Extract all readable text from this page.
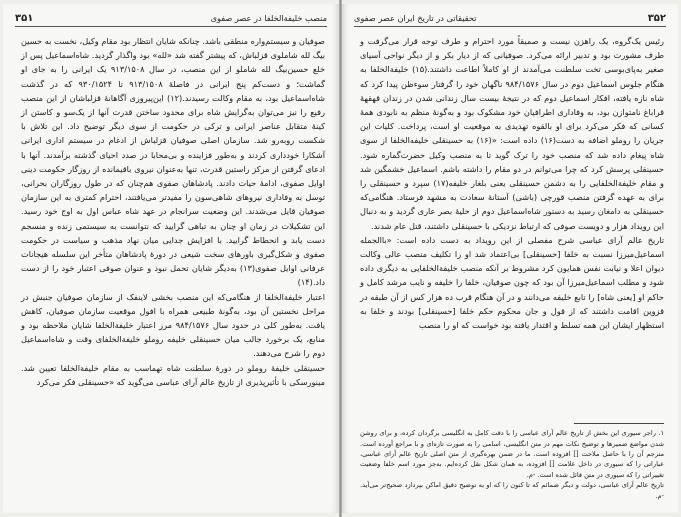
منصب خلیفةالخلفا در عصر صفوی
۳۵۱

صوفیان و سیستم‌واره منطقی باشد. چنانکه شایان انتظار بود مقام وکیل، نخست به حسین بیگ لله شاملوی قزلباش، که پیشتر گفته شد «لله» بود واگذار گردید. شاه‌اسماعیل پس از خلع حسین‌بیگ لله شاملو از این منصب، در سال ۹۱۳/۱۵۰۸ یک ایرانی را به جای او گماشت؛ و دست‌کم پنج ایرانی در فاصلهٔ ۹۱۳/۱۵۰۸ تا ۹۳۰/۱۵۲۴ که در گذشت شاه‌اسماعیل بود، به مقام وکالت رسیدند.(۱۲) این‌پیروزی آگاهانهٔ قزلباشان از این منصب رفیع را نیز می‌توان به‌گرایش شاه برای محدود ساختن قدرت آنها از یک‌سو و کاستن از کینهٔ متقابل عناصر ایرانی و ترکی در حکومت از سوی دیگر توضیح داد. این تلاش با شکست روبه‌رو شد. سازمان اصلی صوفیان قزلباش از ادغام در سیستم اداری ایرانی آشکارا خودداری کردند و به‌طور فزاینده و بی‌محابا در صدد احیای گذشته برآمدند. آنها با ادعای گرفتن از مرکز راستین قدرت، تنها به‌عنوان نیروی باقیمانده از روزگار حکومت دینی اوایل صفوی، ادامهٔ حیات دادند. پادشاهان صفوی هم‌چنان که در طول روزگاران بحرانی، توسل به وفاداری نیروهای شاهی‌سون را مفیدتر می‌یافتند، احترام کمتری به این سازمان صوفیان قایل می‌شدند. این وضعیت سرانجام در عهد شاه عباس اول به اوج خود رسید. این تشکیلات در زمان او چنان به تباهی گرایید که نتوانست به سیستمی زنده و منسجم دست یابد و انحطاط گرایید. با افزایش جدایی میان نهاد مذهب و سیاست در حکومت صفوی و شکل‌گیری باورهای سخت شیعی در دورهٔ پادشاهان متأخر این سلسله هیجانات عرفانی اوایل صفوی(۱۳) به‌دیگر شایان تحمل نبود و عنوان صوفی اعتبار خود را از دست داد.(۱۴)

اعتبار خلیفةالخلفا از هنگامی‌که این منصب بخشی لاینفک از سازمان صوفیان جنبش در مراحل نخستین آن بود، به‌گونهٔ طبیعی همراه با افول موقعیت سازمان صوفیان، کاهش یافت. به‌طور کلی در حدود سال ۹۸۴/۱۵۷۶ مرز اعتبار خلیفةالخلفا شایان ملاحظه بود و منابع، یک برخورد جالب میان حسینقلی خلیفه روملو خلیفةالخلفای وقت و شاه‌اسماعیل دوم را شرح می‌دهند.

حسینقلی خلیفهٔ روملو در دورهٔ سلطنت شاه تهماسب به مقام خلیفةالخلفا تعیین شد. مینورسکی با تأثیرپذیری از تاریخ عالم آرای عباسی می‌گوید که «حسینقلی فکر می‌کرد

۳۵۲
تحقیقاتی در تاریخ ایران عصر صفوی

رئیس یک‌گروه، یک راهزن نیست و صمیقاً مورد احترام و طرف توجه قرار می‌گرفت و طرف مشورت بود و تدبیر ارائه می‌کرد. صوفیانی که از دیار بکر و از دیگر نواحی آسیای صغیر به‌پای‌بوسی تخت سلطنت می‌آمدند از او کاملاً اطاعت داشتند.(۱۵) خلیفةالخلفا به هنگام جلوس اسماعیل دوم در سال ۹۸۴/۱۵۷۶ ناگهان خود را گرفتار سوءظن پیدا کرد که شاه نازه یافته، افکار اسماعیل دوم که در نتیجهٔ بیست سال زندانی شدن در زندان قهقههٔ قراباغ نامتوازن بود، به وفاداری اطرافیان خود مشکوک بود و به‌گونهٔ منظم به نابودی همهٔ کسانی که فکر می‌کرد برای او بالقوه تهدیدی به موقعیت او است، پرداخت. کلیات این جریان را روملو اضافه به دست(۱۶) داده است: «(۱۶) به حسینقلی خلیفه‌الخلفا از سوی شاه پیغام داده شد که منصب خود را ترک گوید تا به منصب وکیل حضرت‌گماره شود. حسینقلی پرسش کرد که چرا می‌توانم در دو مقام را داشته باشم. اسماعیل خشمگین شد و مقام خلیفةالخلفایی را به دشمن حسینقلی یعنی بلغار خلیفه(۱۷) سپرد و حسینقلی را برای به عهده گرفتن منصب قورچی (باشی) آستانهٔ سعادت به مشهد فرستاد. هنگامی‌که حسینقلی به دامغان رسید به دستور شاه‌اسماعیل دوم از حلیهٔ بصر عاری گردید و به دنبال این رویداد هزار و دویست صوفی که ارتباط نزدیکی با حسینقلی داشتند، قتل عام شدند.

تاریخ عالم آرای عباسی شرح مفصلی از این رویداد به دست داده است: «با‌الجمله اسماعیل‌میرزا نسبت به خلفا [حسینقلی] بی‌اعتماد شد او را تکلیف منصب عالی وکالت دیوان اعلا و نیابت نفس همایون کرد مشروط بر آنکه منصب خلیفةالخلفایی به دیگری داده شود و مطلب اسماعیل‌میرزا آن بود که چون صوفیان، خلفا را خلیفه و نایب مرشد کامل و حاکم او [یعنی شاه] را تابع خلیفه می‌دانند و در آن هنگام قرب ده هزار کس از آن طبقه در قزوین اقامت داشتند که از قول و جان محکوم حکم خلفا [حسینقلی] بودند و خلفا به استظهار ایشان این همه تسلط و اقتدار یافته بود خواست که او را منصب

۱. راجر سیوری این بخش از تاریخ عالم آرای عباسی را با دقت کامل به انگلیسی برگردان کرده، و برای روشن شدن مواضع ضمیرها و توضیح نکات مهم در متن انگلیسی، اسامی را به صورت تازه‌ای و با مراجع آورده است. مترجم آن را با حاصل ملاحت [] افزوده است. ما در ضمن بهره‌گیری از متن اصلی تاریخ عالم آرای عباسی، عباراتی را که سیوری در داخل علامت [] افزوده، به همان شکل نقل کرده‌ایم. به‌جز مورد اسم خلفا وضعیت تغییراتی را که سیوری در متن قائل شده است. -م.
تاریخ عالم آرای عباسی، دولت و دیگر ضمائم که تا کنون را که او به توضیح دقیق اماکن بپردازد صحیح‌تر می‌آید. -م.
